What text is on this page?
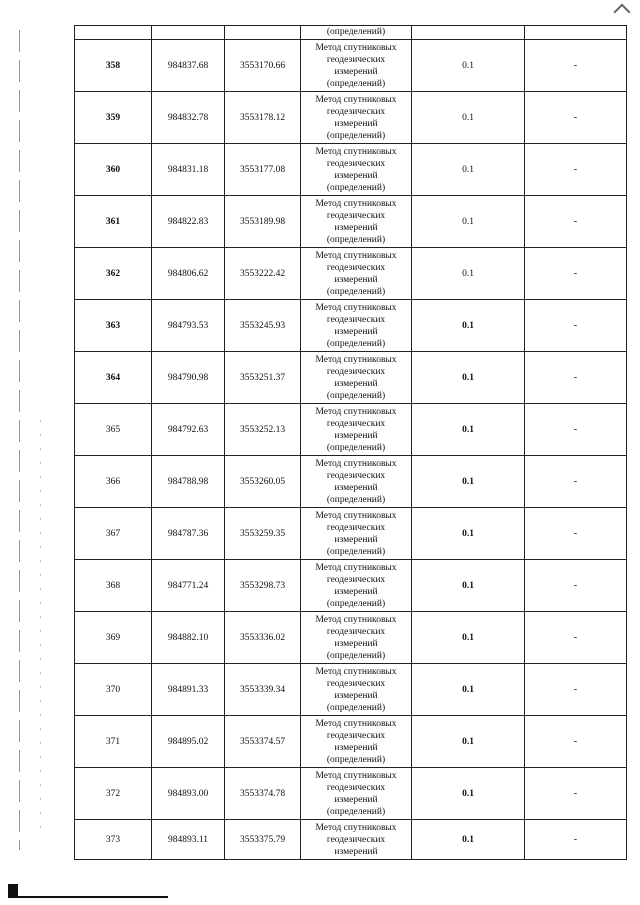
			(определений)		
358	984837.68	3553170.66	Метод спутниковых
геодезических
измерений
(определений)	0.1	-
359	984832.78	3553178.12	Метод спутниковых
геодезических
измерений
(определений)	0.1	-
360	984831.18	3553177.08	Метод спутниковых
геодезических
измерений
(определений)	0.1	-
361	984822.83	3553189.98	Метод спутниковых
геодезических
измерений
(определений)	0.1	-
362	984806.62	3553222.42	Метод спутниковых
геодезических
измерений
(определений)	0.1	-
363	984793.53	3553245.93	Метод спутниковых
геодезических
измерений
(определений)	0.1	-
364	984790.98	3553251.37	Метод спутниковых
геодезических
измерений
(определений)	0.1	-
365	984792.63	3553252.13	Метод спутниковых
геодезических
измерений
(определений)	0.1	-
366	984788.98	3553260.05	Метод спутниковых
геодезических
измерений
(определений)	0.1	-
367	984787.36	3553259.35	Метод спутниковых
геодезических
измерений
(определений)	0.1	-
368	984771.24	3553298.73	Метод спутниковых
геодезических
измерений
(определений)	0.1	-
369	984882.10	3553336.02	Метод спутниковых
геодезических
измерений
(определений)	0.1	-
370	984891.33	3553339.34	Метод спутниковых
геодезических
измерений
(определений)	0.1	-
371	984895.02	3553374.57	Метод спутниковых
геодезических
измерений
(определений)	0.1	-
372	984893.00	3553374.78	Метод спутниковых
геодезических
измерений
(определений)	0.1	-
373	984893.11	3553375.79	Метод спутниковых
геодезических
измерений	0.1	-
